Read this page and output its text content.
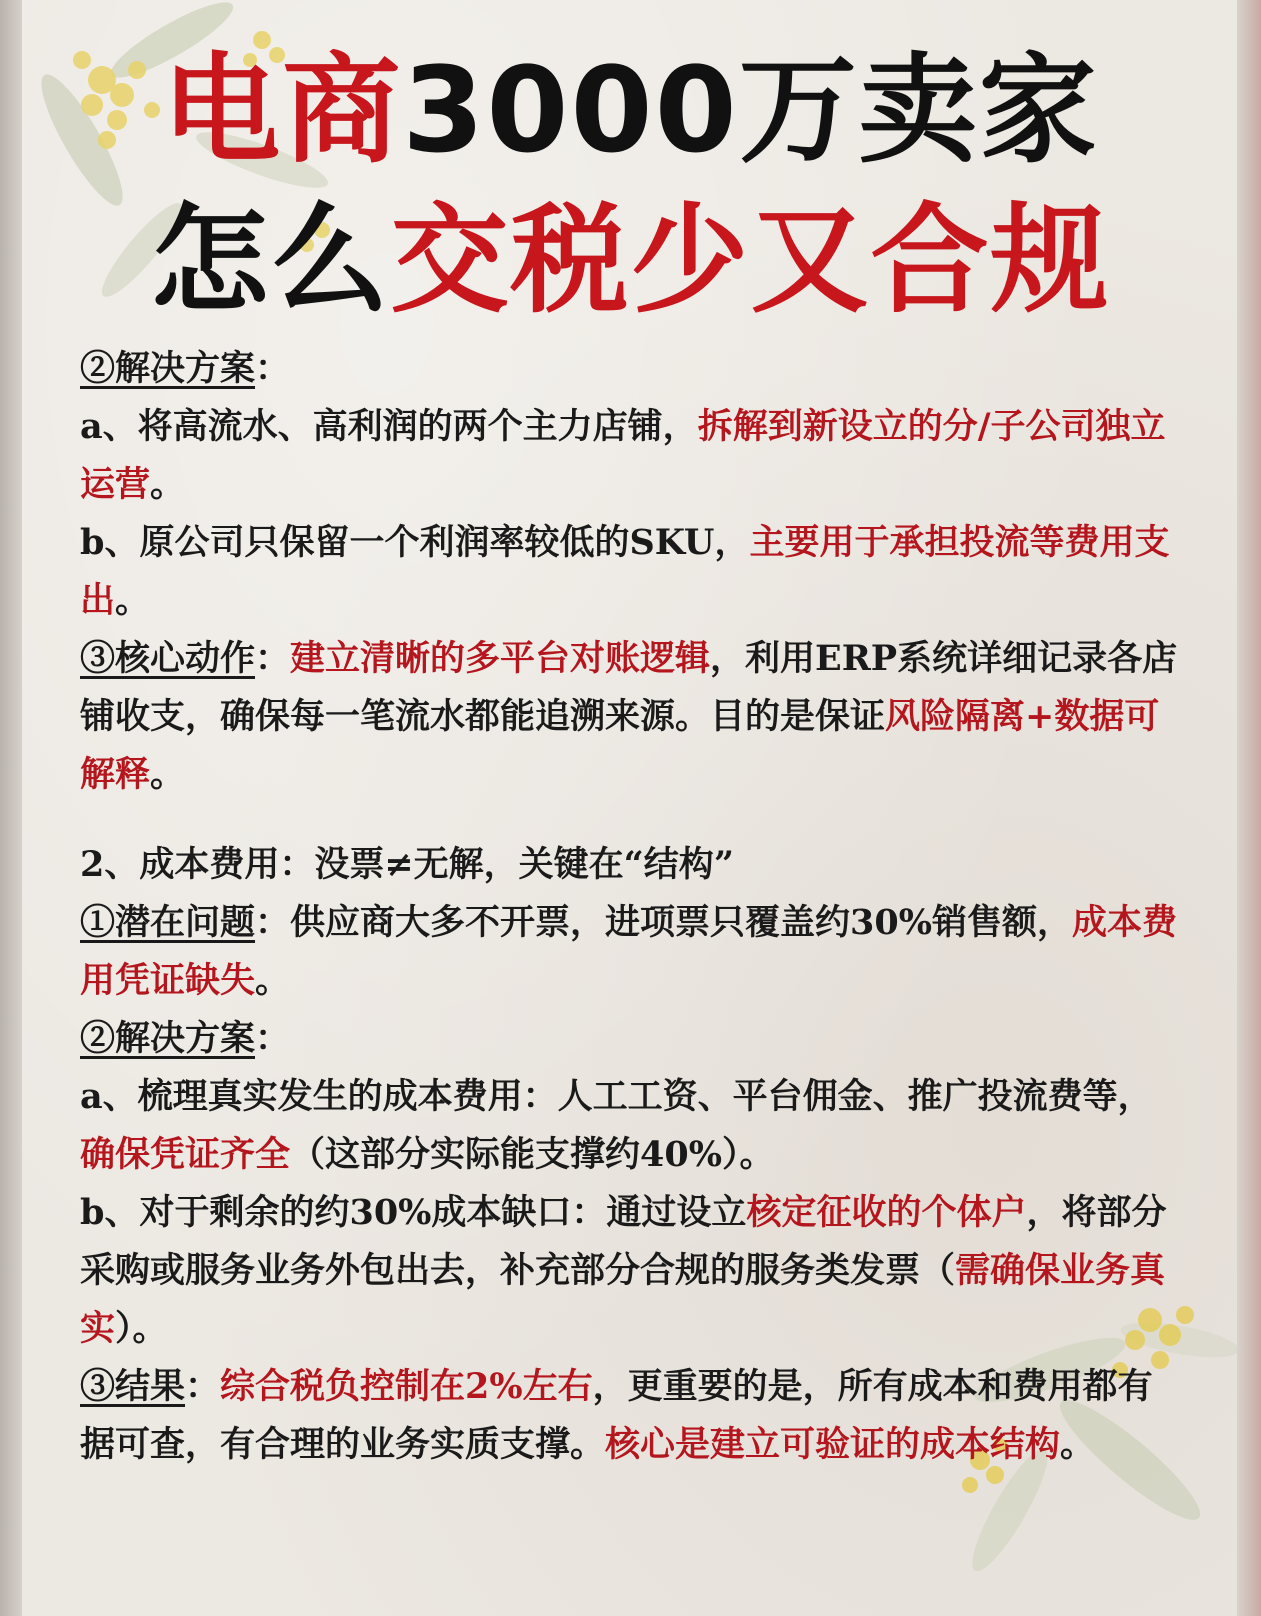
电商3000万卖家
怎么交税少又合规

②解决方案：

a、将高流水、高利润的两个主力店铺，拆解到新设立的分/子公司独立运营。

b、原公司只保留一个利润率较低的SKU，主要用于承担投流等费用支出。

③核心动作：建立清晰的多平台对账逻辑，利用ERP系统详细记录各店铺收支，确保每一笔流水都能追溯来源。目的是保证风险隔离+数据可解释。

2、成本费用：没票≠无解，关键在“结构”

①潜在问题：供应商大多不开票，进项票只覆盖约30%销售额，成本费用凭证缺失。

②解决方案：

a、梳理真实发生的成本费用：人工工资、平台佣金、推广投流费等，确保凭证齐全（这部分实际能支撑约40%）。

b、对于剩余的约30%成本缺口：通过设立核定征收的个体户，将部分采购或服务业务外包出去，补充部分合规的服务类发票（需确保业务真实）。

③结果：综合税负控制在2%左右，更重要的是，所有成本和费用都有据可查，有合理的业务实质支撑。核心是建立可验证的成本结构。
